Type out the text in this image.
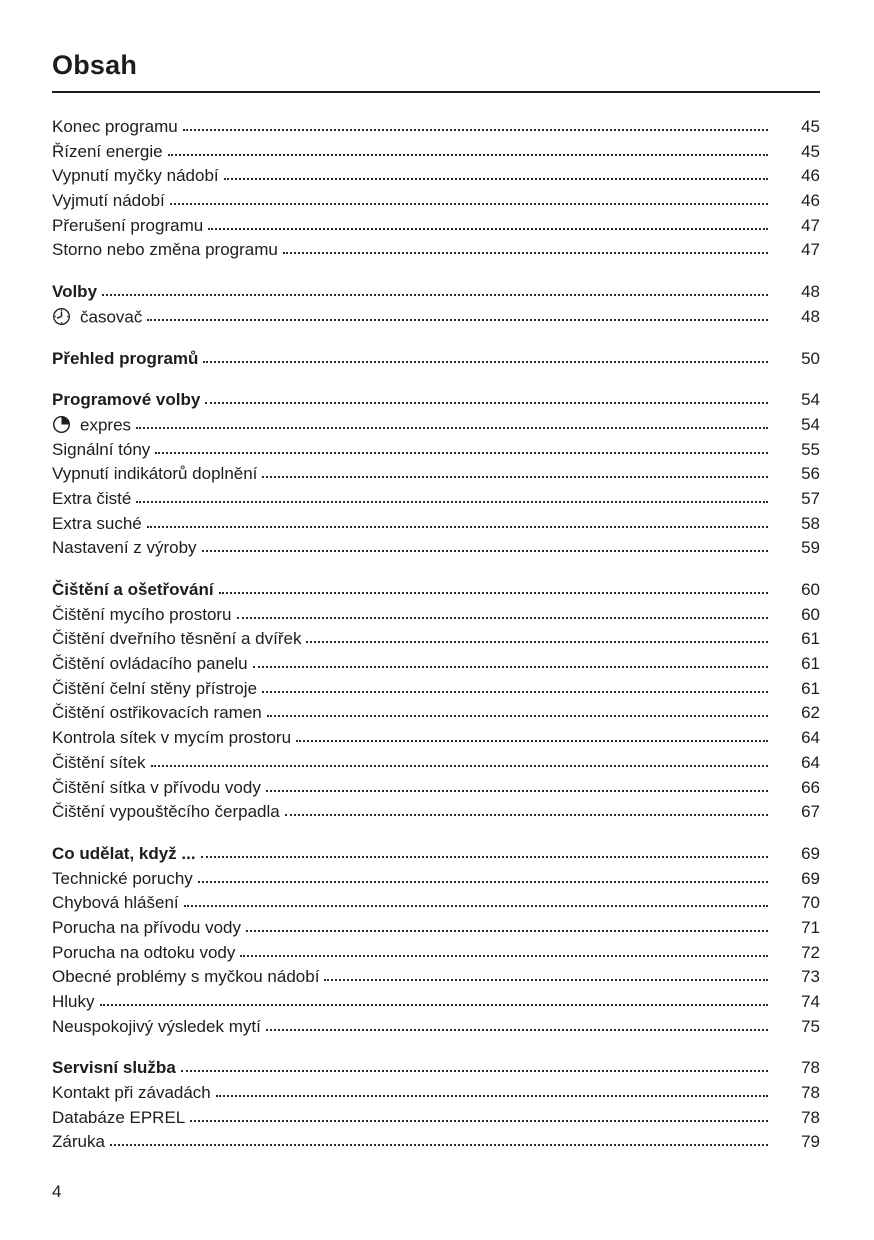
Obsah
Konec programu	45
Řízení energie	45
Vypnutí myčky nádobí	46
Vyjmutí nádobí	46
Přerušení programu	47
Storno nebo změna programu	47
Volby	48
časovač	48
Přehled programů	50
Programové volby	54
expres	54
Signální tóny	55
Vypnutí indikátorů doplnění	56
Extra čisté	57
Extra suché	58
Nastavení z výroby	59
Čištění a ošetřování	60
Čištění mycího prostoru	60
Čištění dveřního těsnění a dvířek	61
Čištění ovládacího panelu	61
Čištění čelní stěny přístroje	61
Čištění ostřikovacích ramen	62
Kontrola sítek v mycím prostoru	64
Čištění sítek	64
Čištění sítka v přívodu vody	66
Čištění vypouštěcího čerpadla	67
Co udělat, když ...	69
Technické poruchy	69
Chybová hlášení	70
Porucha na přívodu vody	71
Porucha na odtoku vody	72
Obecné problémy s myčkou nádobí	73
Hluky	74
Neuspokojivý výsledek mytí	75
Servisní služba	78
Kontakt při závadách	78
Databáze EPREL	78
Záruka	79
4
